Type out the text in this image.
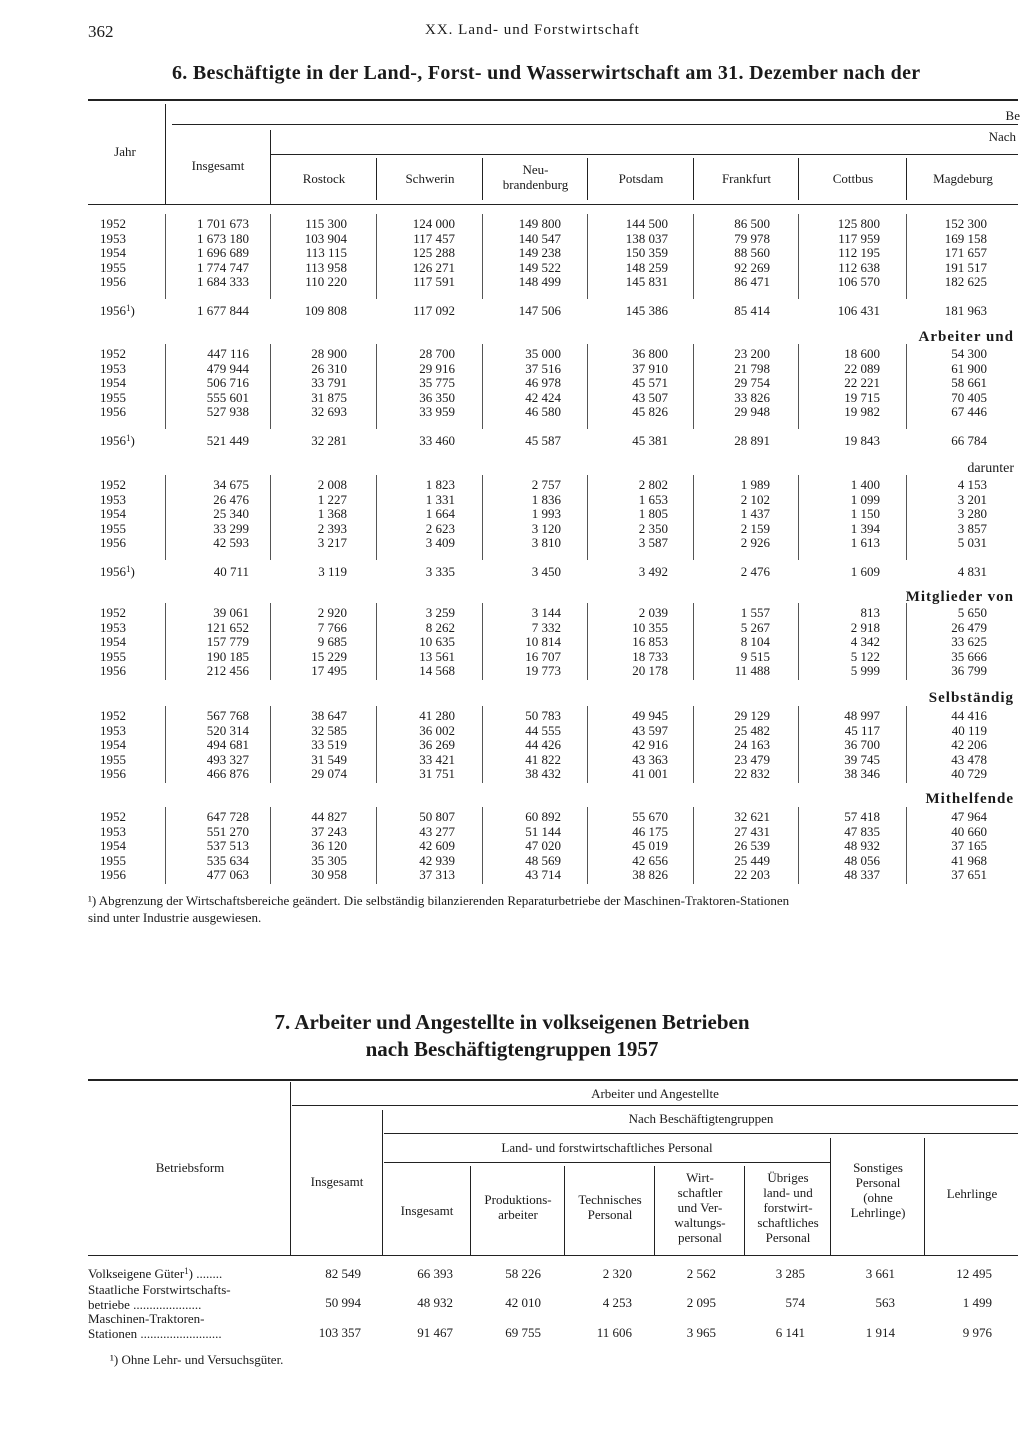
362	XX. Land- und Forstwirtschaft
6. Beschäftigte in der Land-, Forst- und Wasserwirtschaft am 31. Dezember nach der
Jahr
Insgesamt
Be
Nach
Rostock	Schwerin
Neu-
brandenburg	Potsdam	Frankfurt	Cottbus	Magdeburg
1952	1 701 673	115 300	124 000	149 800	144 500	86 500	125 800	152 300
1953	1 673 180	103 904	117 457	140 547	138 037	79 978	117 959	169 158
1954	1 696 689	113 115	125 288	149 238	150 359	88 560	112 195	171 657
1955	1 774 747	113 958	126 271	149 522	148 259	92 269	112 638	191 517
1956	1 684 333	110 220	117 591	148 499	145 831	86 471	106 570	182 625
1956$^1$)	1 677 844	109 808	117 092	147 506	145 386	85 414	106 431	181 963
Arbeiter und
1952	447 116	28 900	28 700	35 000	36 800	23 200	18 600	54 300
1953	479 944	26 310	29 916	37 516	37 910	21 798	22 089	61 900
1954	506 716	33 791	35 775	46 978	45 571	29 754	22 221	58 661
1955	555 601	31 875	36 350	42 424	43 507	33 826	19 715	70 405
1956	527 938	32 693	33 959	46 580	45 826	29 948	19 982	67 446
1956$^1$)	521 449	32 281	33 460	45 587	45 381	28 891	19 843	66 784
darunter
1952	34 675	2 008	1 823	2 757	2 802	1 989	1 400	4 153
1953	26 476	1 227	1 331	1 836	1 653	2 102	1 099	3 201
1954	25 340	1 368	1 664	1 993	1 805	1 437	1 150	3 280
1955	33 299	2 393	2 623	3 120	2 350	2 159	1 394	3 857
1956	42 593	3 217	3 409	3 810	3 587	2 926	1 613	5 031
1956$^1$)	40 711	3 119	3 335	3 450	3 492	2 476	1 609	4 831
Mitglieder von
1952	39 061	2 920	3 259	3 144	2 039	1 557	813	5 650
1953	121 652	7 766	8 262	7 332	10 355	5 267	2 918	26 479
1954	157 779	9 685	10 635	10 814	16 853	8 104	4 342	33 625
1955	190 185	15 229	13 561	16 707	18 733	9 515	5 122	35 666
1956	212 456	17 495	14 568	19 773	20 178	11 488	5 999	36 799
Selbständig
1952	567 768	38 647	41 280	50 783	49 945	29 129	48 997	44 416
1953	520 314	32 585	36 002	44 555	43 597	25 482	45 117	40 119
1954	494 681	33 519	36 269	44 426	42 916	24 163	36 700	42 206
1955	493 327	31 549	33 421	41 822	43 363	23 479	39 745	43 478
1956	466 876	29 074	31 751	38 432	41 001	22 832	38 346	40 729
Mithelfende
1952	647 728	44 827	50 807	60 892	55 670	32 621	57 418	47 964
1953	551 270	37 243	43 277	51 144	46 175	27 431	47 835	40 660
1954	537 513	36 120	42 609	47 020	45 019	26 539	48 932	37 165
1955	535 634	35 305	42 939	48 569	42 656	25 449	48 056	41 968
1956	477 063	30 958	37 313	43 714	38 826	22 203	48 337	37 651
¹) Abgrenzung der Wirtschaftsbereiche geändert. Die selbständig bilanzierenden Reparaturbetriebe der Maschinen-Traktoren-Stationen
sind unter Industrie ausgewiesen.
7. Arbeiter und Angestellte in volkseigenen Betrieben
nach Beschäftigtengruppen 1957
Betriebsform
Arbeiter und Angestellte
Nach Beschäftigtengruppen
Land- und forstwirtschaftliches Personal
Insgesamt
Insgesamt
Produktions-
arbeiter
Technisches
Personal
Wirt-
schaftler
und Ver-
waltungs-
personal
Übriges
land- und
forstwirt-
schaftliches
Personal
Sonstiges
Personal
(ohne
Lehrlinge)
Lehrlinge
Volkseigene Güter$^1$) ........	82 549	66 393	58 226	2 320	2 562	3 285	3 661	12 495
Staatliche Forstwirtschafts-
betriebe .....................	50 994	48 932	42 010	4 253	2 095	574	563	1 499
Maschinen-Traktoren-
Stationen .........................	103 357	91 467	69 755	11 606	3 965	6 141	1 914	9 976
¹) Ohne Lehr- und Versuchsgüter.
